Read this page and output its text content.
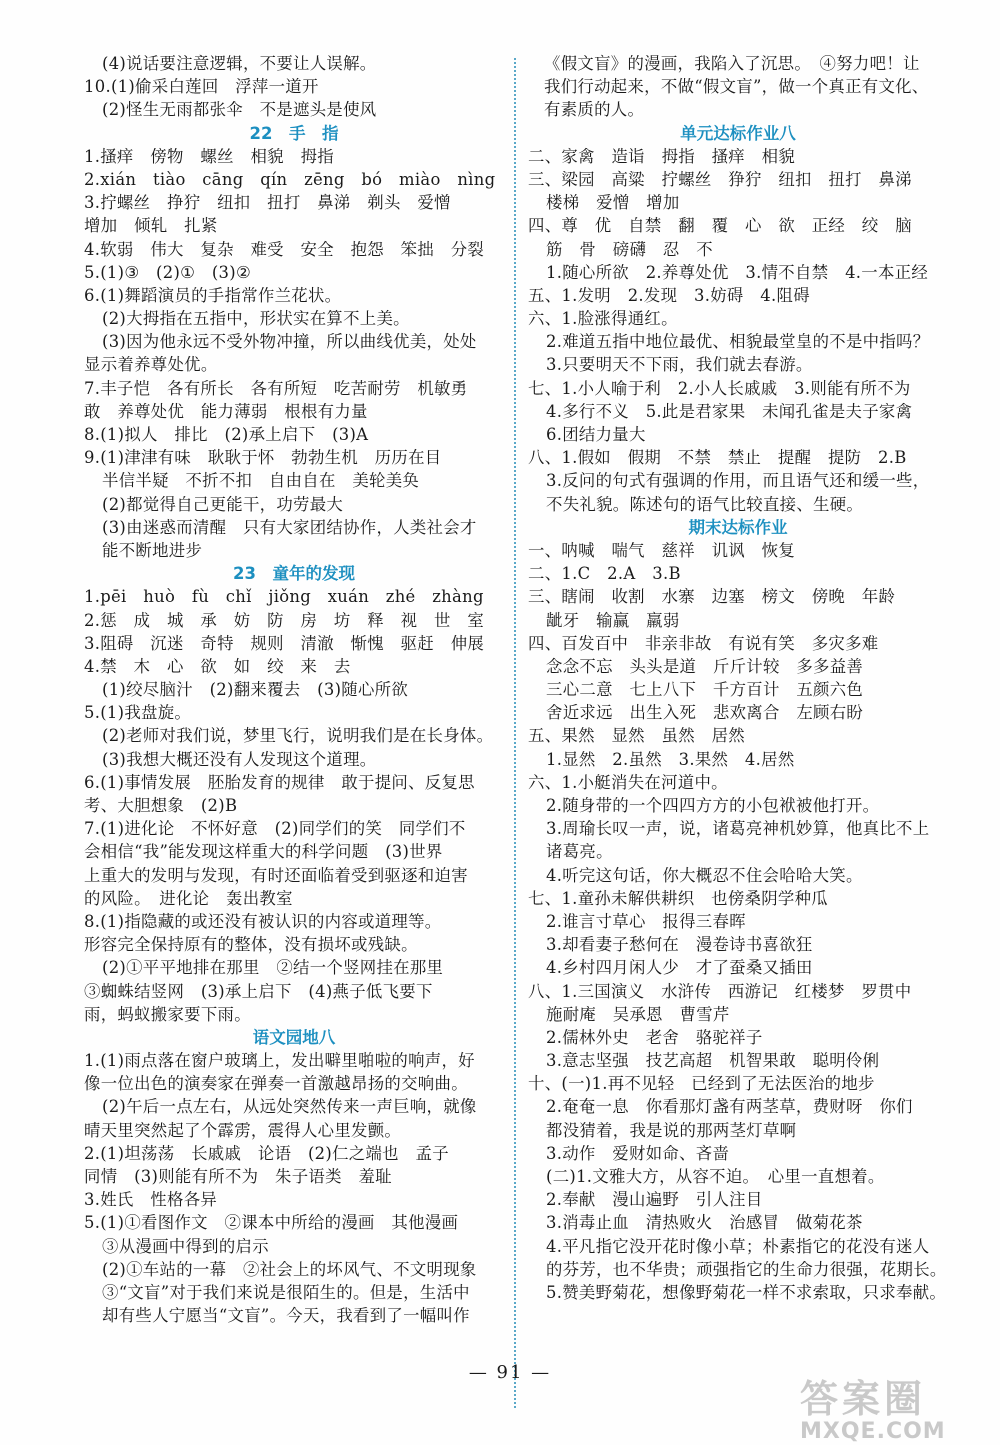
(4)说话要注意逻辑，不要让人误解。
10.(1)偷采白莲回　浮萍一道开
(2)怪生无雨都张伞　不是遮头是使风
22　手　指
1.搔痒　傍物　螺丝　相貌　拇指
2.xián　tiào　cāng　qín　zēng　bó　miào　nìng
3.拧螺丝　挣狞　纽扣　扭打　鼻涕　剃头　爱憎
增加　倾轧　扎紧
4.软弱　伟大　复杂　难受　安全　抱怨　笨拙　分裂
5.(1)③　(2)①　(3)②
6.(1)舞蹈演员的手指常作兰花状。
(2)大拇指在五指中，形状实在算不上美。
(3)因为他永远不受外物冲撞，所以曲线优美，处处
显示着养尊处优。
7.丰子恺　各有所长　各有所短　吃苦耐劳　机敏勇
敢　养尊处优　能力薄弱　根根有力量
8.(1)拟人　排比　(2)承上启下　(3)A
9.(1)津津有味　耿耿于怀　勃勃生机　历历在目
半信半疑　不折不扣　自由自在　美轮美奂
(2)都觉得自己更能干，功劳最大
(3)由迷惑而清醒　只有大家团结协作，人类社会才
能不断地进步
23　童年的发现
1.pēi　huò　fù　chǐ　jiǒng　xuán　zhé　zhàng
2.惩　成　城　承　妨　防　房　坊　释　视　世　室
3.阻碍　沉迷　奇特　规则　清澈　惭愧　驱赶　伸展
4.禁　木　心　欲　如　绞　来　去
(1)绞尽脑汁　(2)翻来覆去　(3)随心所欲
5.(1)我盘旋。
(2)老师对我们说，梦里飞行，说明我们是在长身体。
(3)我想大概还没有人发现这个道理。
6.(1)事情发展　胚胎发育的规律　敢于提问、反复思
考、大胆想象　(2)B
7.(1)进化论　不怀好意　(2)同学们的笑　同学们不
会相信“我”能发现这样重大的科学问题　(3)世界
上重大的发明与发现，有时还面临着受到驱逐和迫害
的风险。　进化论　轰出教室
8.(1)指隐藏的或还没有被认识的内容或道理等。
形容完全保持原有的整体，没有损坏或残缺。
(2)①平平地排在那里　②结一个竖网挂在那里
③蜘蛛结竖网　(3)承上启下　(4)燕子低飞要下
雨，蚂蚁搬家要下雨。
语文园地八
1.(1)雨点落在窗户玻璃上，发出噼里啪啦的响声，好
像一位出色的演奏家在弹奏一首激越昂扬的交响曲。
(2)午后一点左右，从远处突然传来一声巨响，就像
晴天里突然起了个霹雳，震得人心里发颤。
2.(1)坦荡荡　长戚戚　论语　(2)仁之端也　孟子
同情　(3)则能有所不为　朱子语类　羞耻
3.姓氏　性格各异
5.(1)①看图作文　②课本中所给的漫画　其他漫画
③从漫画中得到的启示
(2)①车站的一幕　②社会上的坏风气、不文明现象
③“文盲”对于我们来说是很陌生的。但是，生活中
却有些人宁愿当“文盲”。今天，我看到了一幅叫作
《假文盲》的漫画，我陷入了沉思。　④努力吧！让
我们行动起来，不做“假文盲”，做一个真正有文化、
有素质的人。
单元达标作业八
二、家禽　造诣　拇指　搔痒　相貌
三、梁园　高粱　拧螺丝　狰狞　纽扣　扭打　鼻涕
楼梯　爱憎　增加
四、尊　优　自禁　翻　覆　心　欲　正经　绞　脑
筋　骨　磅礴　忍　不
1.随心所欲　2.养尊处优　3.情不自禁　4.一本正经
五、1.发明　2.发现　3.妨碍　4.阻碍
六、1.脸涨得通红。
2.难道五指中地位最优、相貌最堂皇的不是中指吗？
3.只要明天不下雨，我们就去春游。
七、1.小人喻于利　2.小人长戚戚　3.则能有所不为
4.多行不义　5.此是君家果　未闻孔雀是夫子家禽
6.团结力量大
八、1.假如　假期　不禁　禁止　提醒　提防　2.B
3.反问的句式有强调的作用，而且语气还和缓一些，
不失礼貌。陈述句的语气比较直接、生硬。
期末达标作业
一、呐喊　喘气　慈祥　讥讽　恢复
二、1.C　2.A　3.B
三、瞎闹　收割　水寨　边塞　榜文　傍晚　年龄
龇牙　输赢　羸弱
四、百发百中　非亲非故　有说有笑　多灾多难
念念不忘　头头是道　斤斤计较　多多益善
三心二意　七上八下　千方百计　五颜六色
舍近求远　出生入死　悲欢离合　左顾右盼
五、果然　显然　虽然　居然
1.显然　2.虽然　3.果然　4.居然
六、1.小艇消失在河道中。
2.随身带的一个四四方方的小包袱被他打开。
3.周瑜长叹一声，说，诸葛亮神机妙算，他真比不上
诸葛亮。
4.听完这句话，你大概忍不住会哈哈大笑。
七、1.童孙未解供耕织　也傍桑阴学种瓜
2.谁言寸草心　报得三春晖
3.却看妻子愁何在　漫卷诗书喜欲狂
4.乡村四月闲人少　才了蚕桑又插田
八、1.三国演义　水浒传　西游记　红楼梦　罗贯中
施耐庵　吴承恩　曹雪芹
2.儒林外史　老舍　骆驼祥子
3.意志坚强　技艺高超　机智果敢　聪明伶俐
十、(一)1.再不见轻　已经到了无法医治的地步
2.奄奄一息　你看那灯盏有两茎草，费财呀　你们
都没猜着，我是说的那两茎灯草啊
3.动作　爱财如命、吝啬
(二)1.文雅大方，从容不迫。　心里一直想着。
2.奉献　漫山遍野　引人注目
3.消毒止血　清热败火　治感冒　做菊花茶
4.平凡指它没开花时像小草；朴素指它的花没有迷人
的芬芳，也不华贵；顽强指它的生命力很强，花期长。
5.赞美野菊花，想像野菊花一样不求索取，只求奉献。
— 91 —
答案圈
MXQE.COM
